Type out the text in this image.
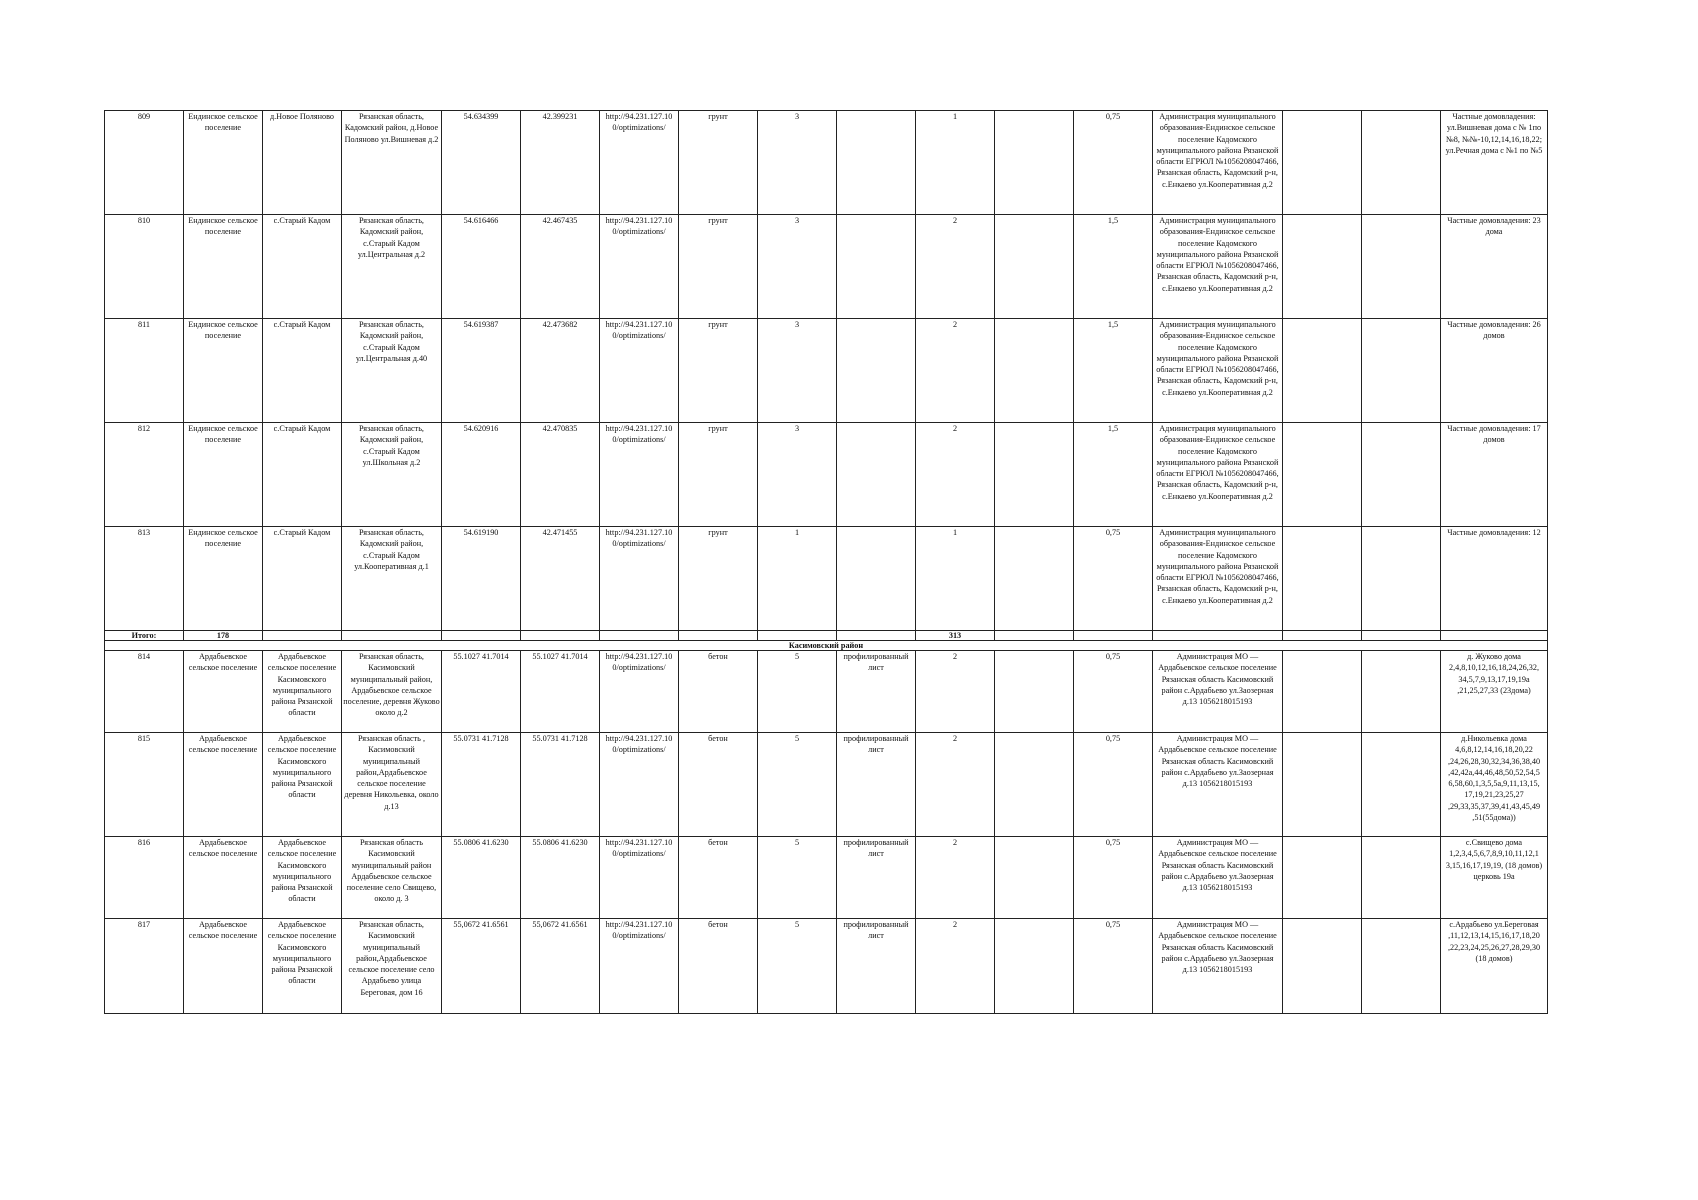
809	Ендинское сельское поселение	д.Новое Поляново	Рязанская область, Кадомский район, д.Новое Поляново ул.Вишневая д.2	54.634399	42.399231	http://94.231.127.10 0/optimizations/	грунт	3		1		0,75	Администрация муниципального образования-Ендинское сельское поселение Кадомского муниципального района Рязанской области ЕГРЮЛ №1056208047466, Рязанская область, Кадомский р-н, с.Енкаево ул.Кооперативная д.2			Частные домовладения: ул.Вишневая дома с № 1по №8, №№-10,12,14,16,18,22; ул.Речная дома с №1 по №5
810	Ендинское сельское поселение	с.Старый Кадом	Рязанская область, Кадомский район, с.Старый Кадом ул.Центральная д.2	54.616466	42.467435	http://94.231.127.10 0/optimizations/	грунт	3		2		1,5	Администрация муниципального образования-Ендинское сельское поселение Кадомского муниципального района Рязанской области ЕГРЮЛ №1056208047466, Рязанская область, Кадомский р-н, с.Енкаево ул.Кооперативная д.2			Частные домовладения: 23 дома
811	Ендинское сельское поселение	с.Старый Кадом	Рязанская область, Кадомский район, с.Старый Кадом ул.Центральная д.40	54.619387	42.473682	http://94.231.127.10 0/optimizations/	грунт	3		2		1,5	Администрация муниципального образования-Ендинское сельское поселение Кадомского муниципального района Рязанской области ЕГРЮЛ №1056208047466, Рязанская область, Кадомский р-н, с.Енкаево ул.Кооперативная д.2			Частные домовладения: 26 домов
812	Ендинское сельское поселение	с.Старый Кадом	Рязанская область, Кадомский район, с.Старый Кадом ул.Школьная д.2	54.620916	42.470835	http://94.231.127.10 0/optimizations/	грунт	3		2		1,5	Администрация муниципального образования-Ендинское сельское поселение Кадомского муниципального района Рязанской области ЕГРЮЛ №1056208047466, Рязанская область, Кадомский р-н, с.Енкаево ул.Кооперативная д.2			Частные домовладения: 17 домов
813	Ендинское сельское поселение	с.Старый Кадом	Рязанская область, Кадомский район, с.Старый Кадом ул.Кооперативная д.1	54.619190	42.471455	http://94.231.127.10 0/optimizations/	грунт	1		1		0,75	Администрация муниципального образования-Ендинское сельское поселение Кадомского муниципального района Рязанской области ЕГРЮЛ №1056208047466, Рязанская область, Кадомский р-н, с.Енкаево ул.Кооперативная д.2			Частные домовладения: 12
Итого:	178									313						
Касимовский район																
814	Ардабьевское сельское поселение	Ардабьевское сельское поселение Касимовского муниципального района Рязанской области	Рязанская область, Касимовский муниципальный район, Ардабьевское сельское поселение, деревня Жуково около д.2	55.1027 41.7014	55.1027 41.7014	http://94.231.127.10 0/optimizations/	бетон	5	профилированный лист	2		0,75	Администрация МО — Ардабьевское сельское поселение Рязанская область Касимовский район с.Ардабьево ул.Заозерная д.13 1056218015193			д. Жуково дома 2,4,8,10,12,16,18,24,26,32, 34,5,7,9,13,17,19,19а ,21,25,27,33 (23дома)
815	Ардабьевское сельское поселение	Ардабьевское сельское поселение Касимовского муниципального района Рязанской области	Рязанская область , Касимовский муниципальный район,Ардабьевское сельское поселение деревня Никольевка, около д.13	55.0731 41.7128	55.0731 41.7128	http://94.231.127.10 0/optimizations/	бетон	5	профилированный лист	2		0,75	Администрация МО — Ардабьевское сельское поселение Рязанская область Касимовский район с.Ардабьево ул.Заозерная д.13 1056218015193			д.Никольевка дома 4,6,8,12,14,16,18,20,22 ,24,26,28,30,32,34,36,38,40 ,42,42а,44,46,48,50,52,54,5 6,58,60,1,3,5,5а,9,11,13,15, 17,19,21,23,25,27 ,29,33,35,37,39,41,43,45,49 ,51(55дома))
816	Ардабьевское сельское поселение	Ардабьевское сельское поселение Касимовского муниципального района Рязанской области	Рязанская область Касимовский муниципальный район Ардабьевское сельское поселение село Свищево, около д. 3	55.0806 41.6230	55.0806 41.6230	http://94.231.127.10 0/optimizations/	бетон	5	профилированный лист	2		0,75	Администрация МО — Ардабьевское сельское поселение Рязанская область Касимовский район с.Ардабьево ул.Заозерная д.13 1056218015193			с.Свищево дома 1,2,3,4,5,6,7,8,9,10,11,12,1 3,15,16,17,19,19, (18 домов) церковь 19а
817	Ардабьевское сельское поселение	Ардабьевское сельское поселение Касимовского муниципального района Рязанской области	Рязанская область, Касимовский муниципальный район,Ардабьевское сельское поселение село Ардабьево улица Береговая, дом 16	55,0672 41.6561	55,0672 41.6561	http://94.231.127.10 0/optimizations/	бетон	5	профилированный лист	2		0,75	Администрация МО — Ардабьевское сельское поселение Рязанская область Касимовский район с.Ардабьево ул.Заозерная д.13 1056218015193			с.Ардабьево ул.Береговая ,11,12,13,14,15,16,17,18,20 ,22,23,24,25,26,27,28,29,30 (18 домов)
